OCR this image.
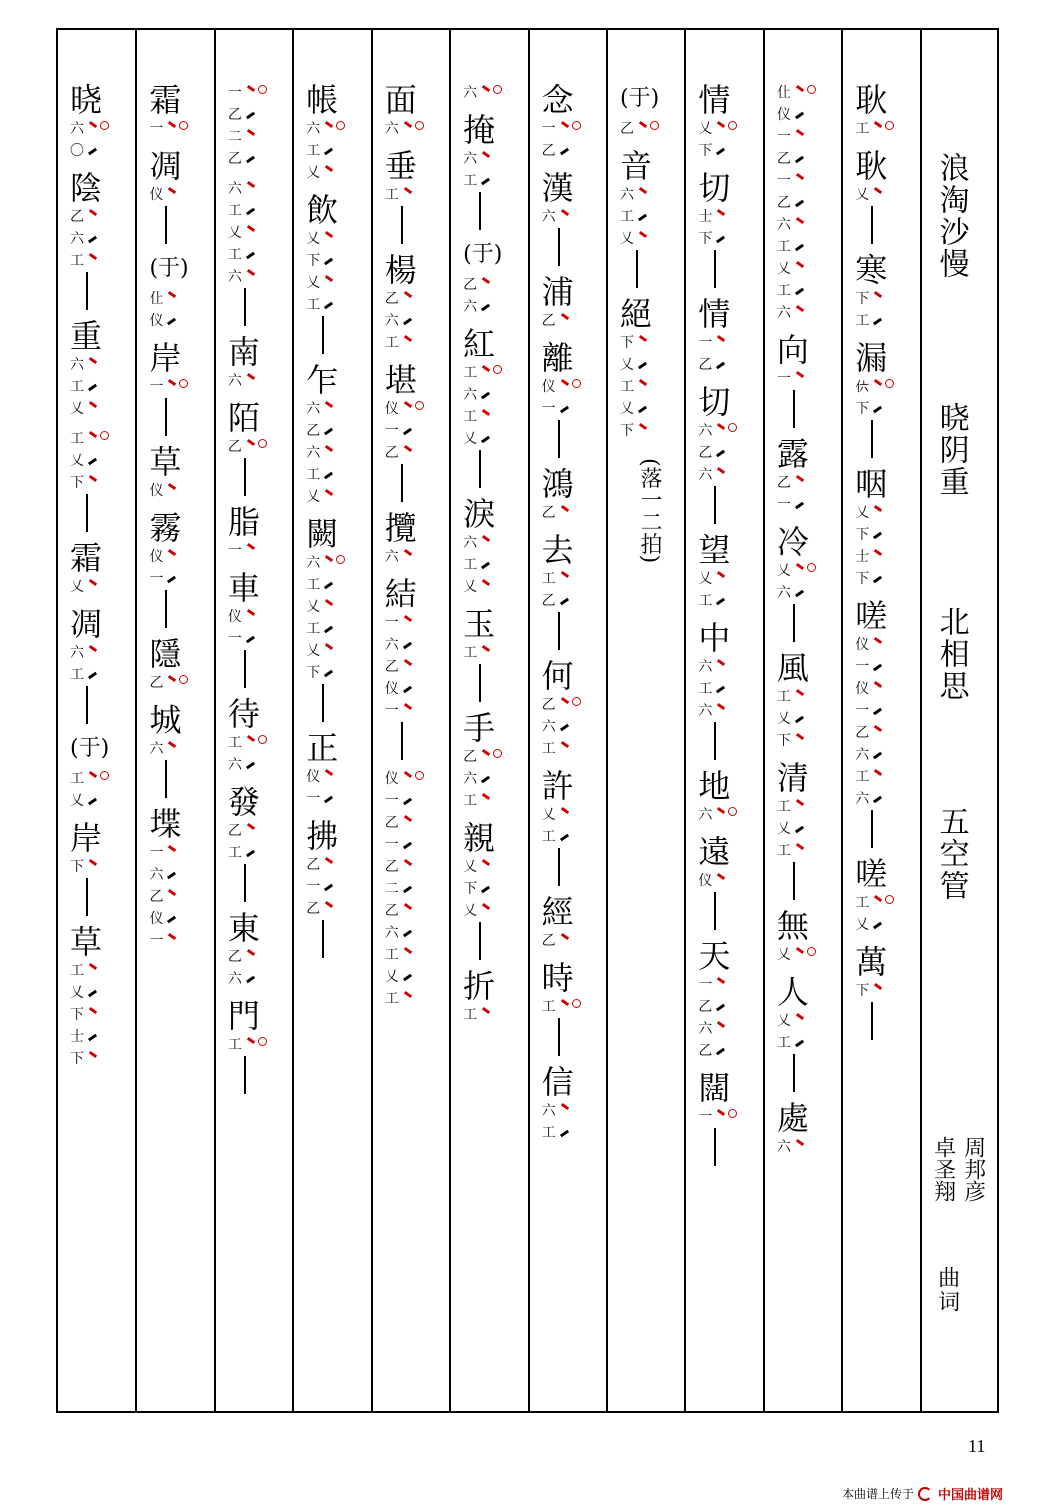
浪淘沙慢
晓阴重
北相思
五空管
周邦彦
卓圣翔
曲词
耿
工
耿
乂
寒
下
工
漏
𠆾
下
咽
乂
下
士
下
嗟
仪
一
仪
一
乙
六
工
六
嗟
工
乂
萬
下
仩
仪
一
乙
一
乙
六
工
乂
工
六
向
一
露
乙
一
冷
乂
六
風
工
乂
下
清
工
乂
工
無
乂
人
乂
工
處
六
情
乂
下
切
士
下
情
一
乙
切
六
乙
六
望
乂
工
中
六
工
六
地
六
遠
仪
天
一
乙
六
乙
闊
一
(于)
乙
音
六
工
乂
絕
下
乂
工
乂
下
(落一二拍)
念
一
乙
漢
六
浦
乙
離
仪
一
鴻
乙
去
工
乙
何
乙
六
工
許
乂
工
經
乙
時
工
信
六
工
六
掩
六
工
(于)
乙
六
紅
工
六
工
乂
淚
六
工
乂
玉
工
手
乙
六
工
親
乂
下
乂
折
工
面
六
垂
工
楊
乙
六
工
堪
仪
一
乙
攬
六
結
一
六
乙
仪
一
仪
一
乙
一
乙
二
乙
六
工
乂
工
帳
六
工
乂
飲
乂
下
乂
工
乍
六
乙
六
工
乂
闕
六
工
乂
工
乂
下
正
仪
一
拂
乙
一
乙
一
乙
二
乙
六
工
乂
工
六
南
六
陌
乙
脂
一
車
仪
一
待
工
六
發
乙
工
東
乙
六
門
工
霜
一
凋
仪
(于)
仩
仪
岸
一
草
仪
霧
仪
一
隱
乙
城
六
堞
一
六
乙
仪
一
晓
六
〇
陰
乙
六
工
重
六
工
乂
工
乂
下
霜
乂
凋
六
工
(于)
工
乂
岸
下
草
工
乂
下
士
下
11
本曲谱上传于 中国曲谱网
